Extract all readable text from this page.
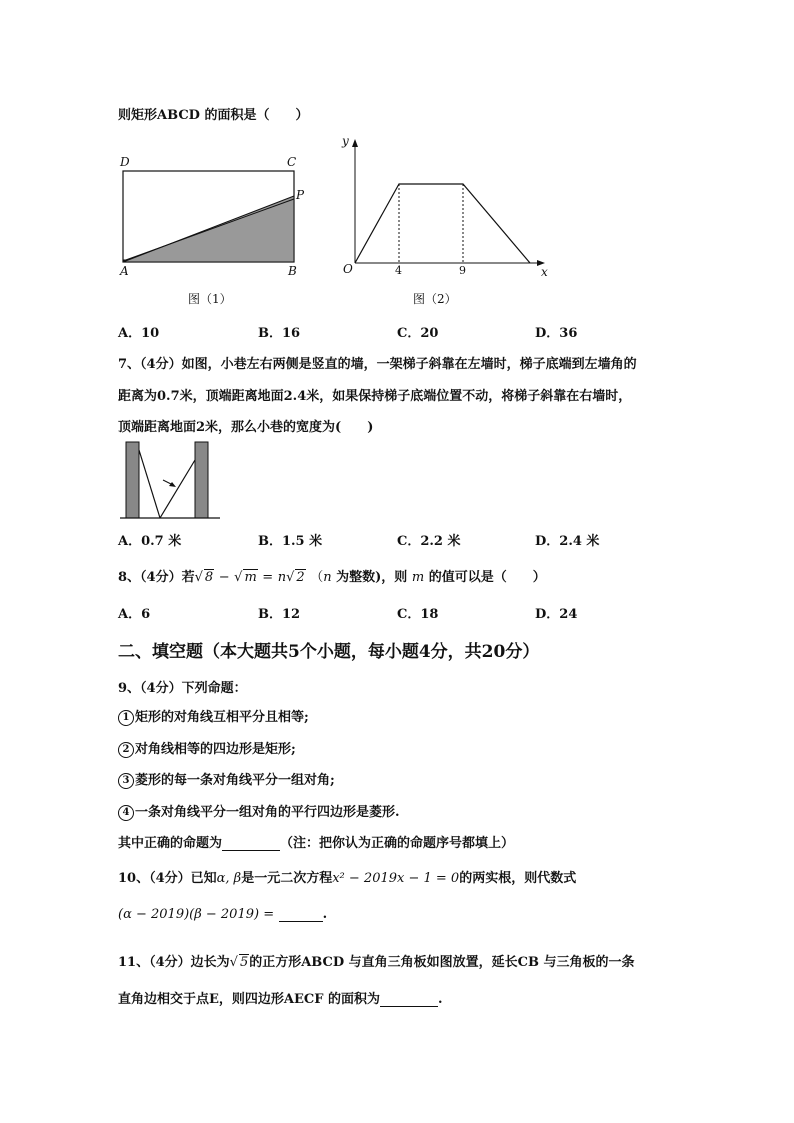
则矩形ABCD 的面积是（　　）
D	C
P
A	B
图（1）
y
x
O	4	9
图（2）
A．10	B．16	C．20	D．36
7、（4分）如图，小巷左右两侧是竖直的墙，一架梯子斜靠在左墙时，梯子底端到左墙角的
距离为0.7米，顶端距离地面2.4米，如果保持梯子底端位置不动，将梯子斜靠在右墙时，
顶端距离地面2米，那么小巷的宽度为(　　)
A．0.7 米	B．1.5 米	C．2.2 米	D．2.4 米
8、（4分）若√ 8 − √ m = n√ 2 （n 为整数)，则 m 的值可以是（　　）
A．6	B．12	C．18	D．24
二、填空题（本大题共5个小题，每小题4分，共20分）
9、（4分）下列命题：
1 矩形的对角线互相平分且相等;
2 对角线相等的四边形是矩形;
3 菱形的每一条对角线平分一组对角;
4 一条对角线平分一组对角的平行四边形是菱形.
其中正确的命题为	（注：把你认为正确的命题序号都填上）
10、（4分）已知α, β是一元二次方程x² − 2019x − 1 = 0的两实根，则代数式
(α − 2019)(β − 2019) =	.
11、（4分）边长为√ 5的正方形ABCD 与直角三角板如图放置，延长CB 与三角板的一条
直角边相交于点E，则四边形AECF 的面积为	.
